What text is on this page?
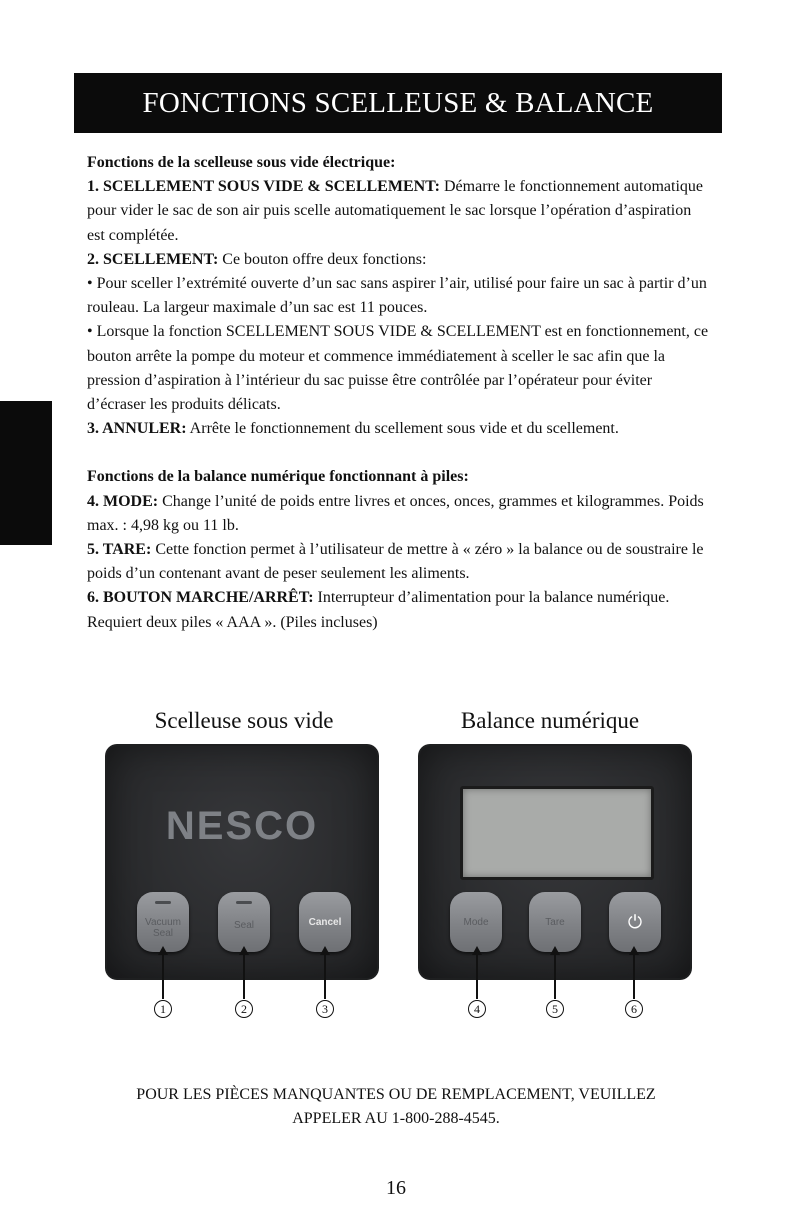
FONCTIONS SCELLEUSE & BALANCE

Fonctions de la scelleuse sous vide électrique:

1. SCELLEMENT SOUS VIDE & SCELLEMENT: Démarre le fonctionnement automatique pour vider le sac de son air puis scelle automatiquement le sac lorsque l’opération d’aspiration est complétée.

2. SCELLEMENT: Ce bouton offre deux fonctions:

• Pour sceller l’extrémité ouverte d’un sac sans aspirer l’air, utilisé pour faire un sac à partir d’un rouleau. La largeur maximale d’un sac est 11 pouces.

• Lorsque la fonction SCELLEMENT SOUS VIDE & SCELLEMENT est en fonctionnement, ce bouton arrête la pompe du moteur et commence immédiatement à sceller le sac afin que la pression d’aspiration à l’intérieur du sac puisse être contrôlée par l’opérateur pour éviter d’écraser les produits délicats.

3. ANNULER: Arrête le fonctionnement du scellement sous vide et du scellement.

Fonctions de la balance numérique fonctionnant à piles:

4. MODE: Change l’unité de poids entre livres et onces, onces, grammes et kilogrammes. Poids max. : 4,98 kg ou 11 lb.

5. TARE: Cette fonction permet à l’utilisateur de mettre à « zéro » la balance ou de soustraire le poids d’un contenant avant de peser seulement les aliments.

6. BOUTON MARCHE/ARRÊT: Interrupteur d’alimentation pour la balance numérique. Requiert deux piles « AAA ». (Piles incluses)

Scelleuse sous vide
NESCO
Vacuum
Seal
Seal	Cancel
Balance numérique
Mode	Tare	⏻
1	2	3	4	5	6
POUR LES PIÈCES MANQUANTES OU DE REMPLACEMENT, VEUILLEZ
APPELER AU 1-800-288-4545.
16
